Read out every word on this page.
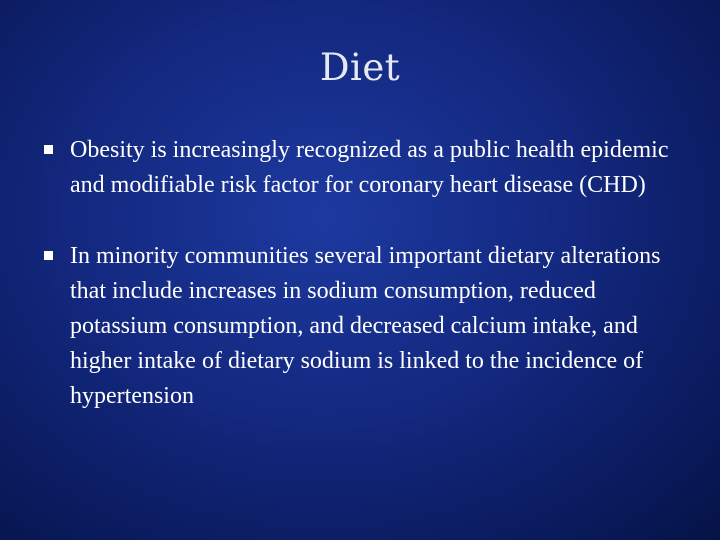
Diet
Obesity is increasingly recognized as a public health epidemic and modifiable risk factor for coronary heart disease (CHD)
In minority communities several important dietary alterations that include increases in sodium consumption, reduced potassium consumption, and decreased calcium intake, and higher intake of dietary sodium is linked to the incidence of hypertension
